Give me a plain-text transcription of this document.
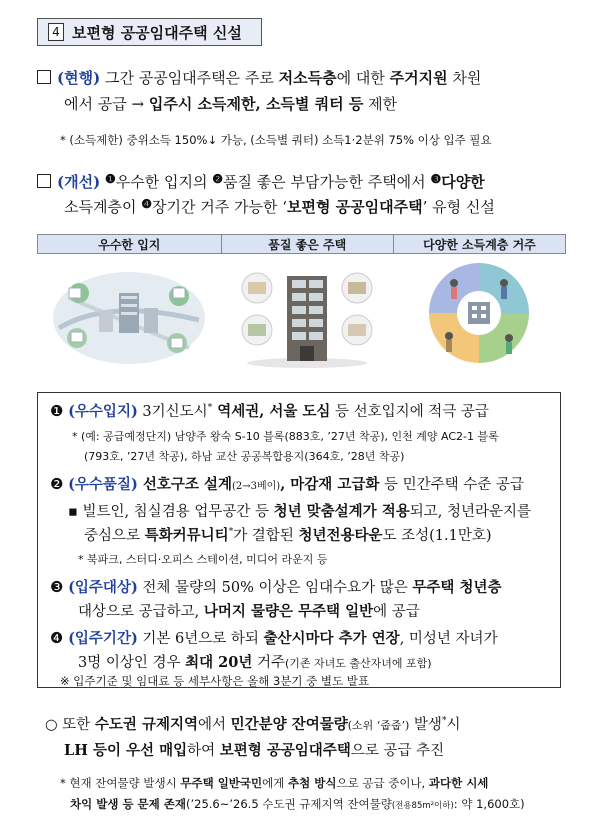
4 보편형 공공임대주택 신설
(현행) 그간 공공임대주택은 주로 저소득층에 대한 주거지원 차원
에서 공급 → 입주시 소득제한, 소득별 쿼터 등 제한
* (소득제한) 중위소득 150%↓ 가능, (소득별 쿼터) 소득1·2분위 75% 이상 입주 필요
(개선) $^❶$우수한 입지의 $^❷$품질 좋은 부담가능한 주택에서 $^❸$다양한
소득계층이 $^❹$장기간 거주 가능한 ‘보편형 공공임대주택’ 유형 신설
우수한 입지	품질 좋은 주택	다양한 소득계층 거주

❶ (우수입지) 3기신도시* 역세권, 서울 도심 등 선호입지에 적극 공급
* (예: 공급예정단지) 남양주 왕숙 S-10 블록(883호, ’27년 착공), 인천 계양 AC2-1 블록
(793호, ’27년 착공), 하남 교산 공공복합용지(364호, ’28년 착공)
❷ (우수품질) 선호구조 설계(2→3베이), 마감재 고급화 등 민간주택 수준 공급
▪ 빌트인, 침실겸용 업무공간 등 청년 맞춤설계가 적용되고, 청년라운지를
중심으로 특화커뮤니티*가 결합된 청년전용타운도 조성(1.1만호)
* 북파크, 스터디·오피스 스테이션, 미디어 라운지 등
❸ (입주대상) 전체 물량의 50% 이상은 임대수요가 많은 무주택 청년층
대상으로 공급하고, 나머지 물량은 무주택 일반에 공급
❹ (입주기간) 기본 6년으로 하되 출산시마다 추가 연장, 미성년 자녀가
3명 이상인 경우 최대 20년 거주(기존 자녀도 출산자녀에 포함)
※ 입주기준 및 임대료 등 세부사항은 올해 3분기 중 별도 발표
○ 또한 수도권 규제지역에서 민간분양 잔여물량(소위 ‘줍줍’) 발생*시
LH 등이 우선 매입하여 보편형 공공임대주택으로 공급 추진
* 현재 잔여물량 발생시 무주택 일반국민에게 추첨 방식으로 공급 중이나, 과다한 시세
차익 발생 등 문제 존재(’25.6~’26.5 수도권 규제지역 잔여물량(전용85m²이하): 약 1,600호)
